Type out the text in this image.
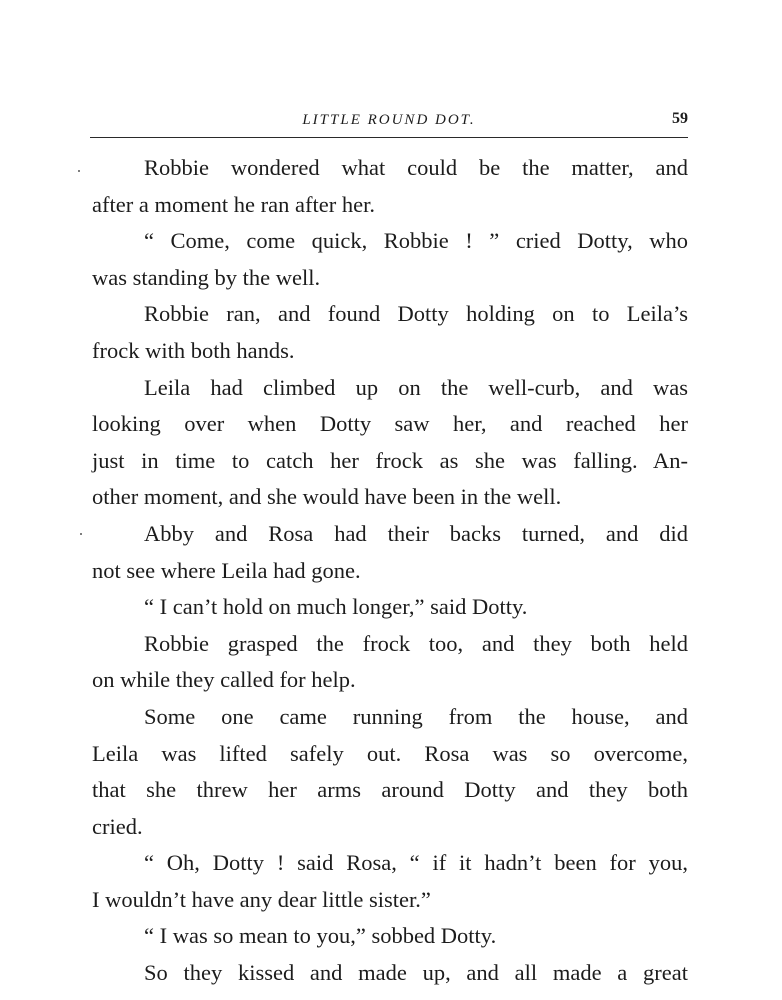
LITTLE ROUND DOT.	59
Robbie wondered what could be the matter, and
after a moment he ran after her.
“ Come, come quick, Robbie ! ” cried Dotty, who
was standing by the well.
Robbie ran, and found Dotty holding on to Leila’s
frock with both hands.
Leila had climbed up on the well-curb, and was
looking over when Dotty saw her, and reached her
just in time to catch her frock as she was falling. An-
other moment, and she would have been in the well.
Abby and Rosa had their backs turned, and did
not see where Leila had gone.
“ I can’t hold on much longer,” said Dotty.
Robbie grasped the frock too, and they both held
on while they called for help.
Some one came running from the house, and
Leila was lifted safely out. Rosa was so overcome,
that she threw her arms around Dotty and they both
cried.
“ Oh, Dotty ! said Rosa, “ if it hadn’t been for you,
I wouldn’t have any dear little sister.”
“ I was so mean to you,” sobbed Dotty.
So they kissed and made up, and all made a great
